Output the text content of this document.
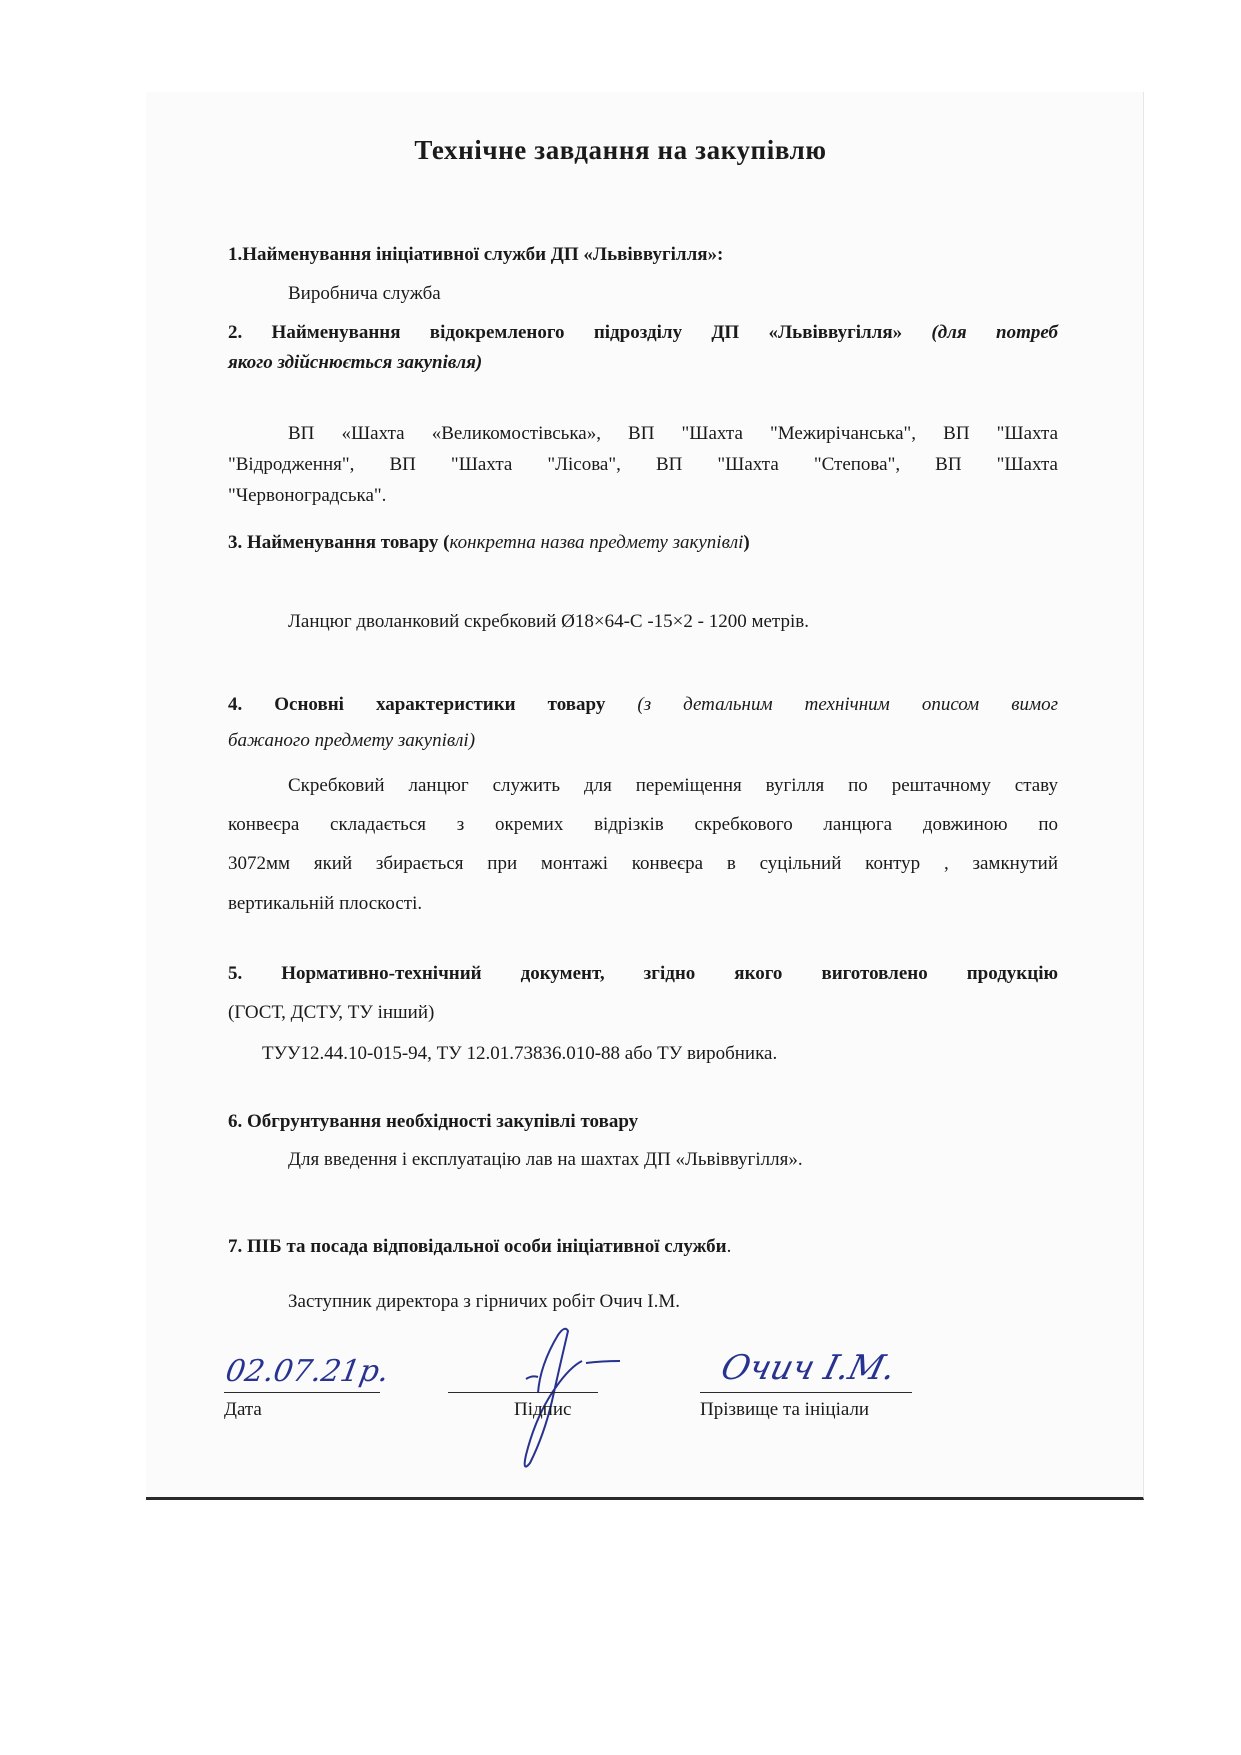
Технічне завдання на закупівлю
1.Найменування ініціативної служби ДП «Львіввугілля»:
Виробнича служба
2. Найменування відокремленого підрозділу ДП «Львіввугілля» (для потреб
якого здійснюється закупівля)
ВП «Шахта «Великомостівська», ВП "Шахта "Межирічанська", ВП "Шахта
"Відродження", ВП "Шахта "Лісова", ВП "Шахта "Степова", ВП "Шахта
"Червоноградська".
3. Найменування товару (конкретна назва предмету закупівлі)
Ланцюг дволанковий скребковий Ø18×64-С -15×2 - 1200 метрів.
4. Основні характеристики товару (з детальним технічним описом вимог
бажаного предмету закупівлі)
Скребковий ланцюг служить для переміщення вугілля по рештачному ставу
конвеєра складається з окремих відрізків скребкового ланцюга довжиною по
3072мм який збирається при монтажі конвеєра в суцільний контур , замкнутий
вертикальній плоскості.
5. Нормативно-технічний документ, згідно якого виготовлено продукцію
(ГОСТ, ДСТУ, ТУ інший)
ТУУ12.44.10-015-94, ТУ 12.01.73836.010-88 або ТУ виробника.
6. Обгрунтування необхідності закупівлі товару
Для введення і експлуатацію лав на шахтах ДП «Львіввугілля».
7. ПІБ та посада відповідальної особи ініціативної служби.
Заступник директора з гірничих робіт Очич І.М.
02.07.21р.
Дата	Підпис
Очич І.М.
Прізвище та ініціали
